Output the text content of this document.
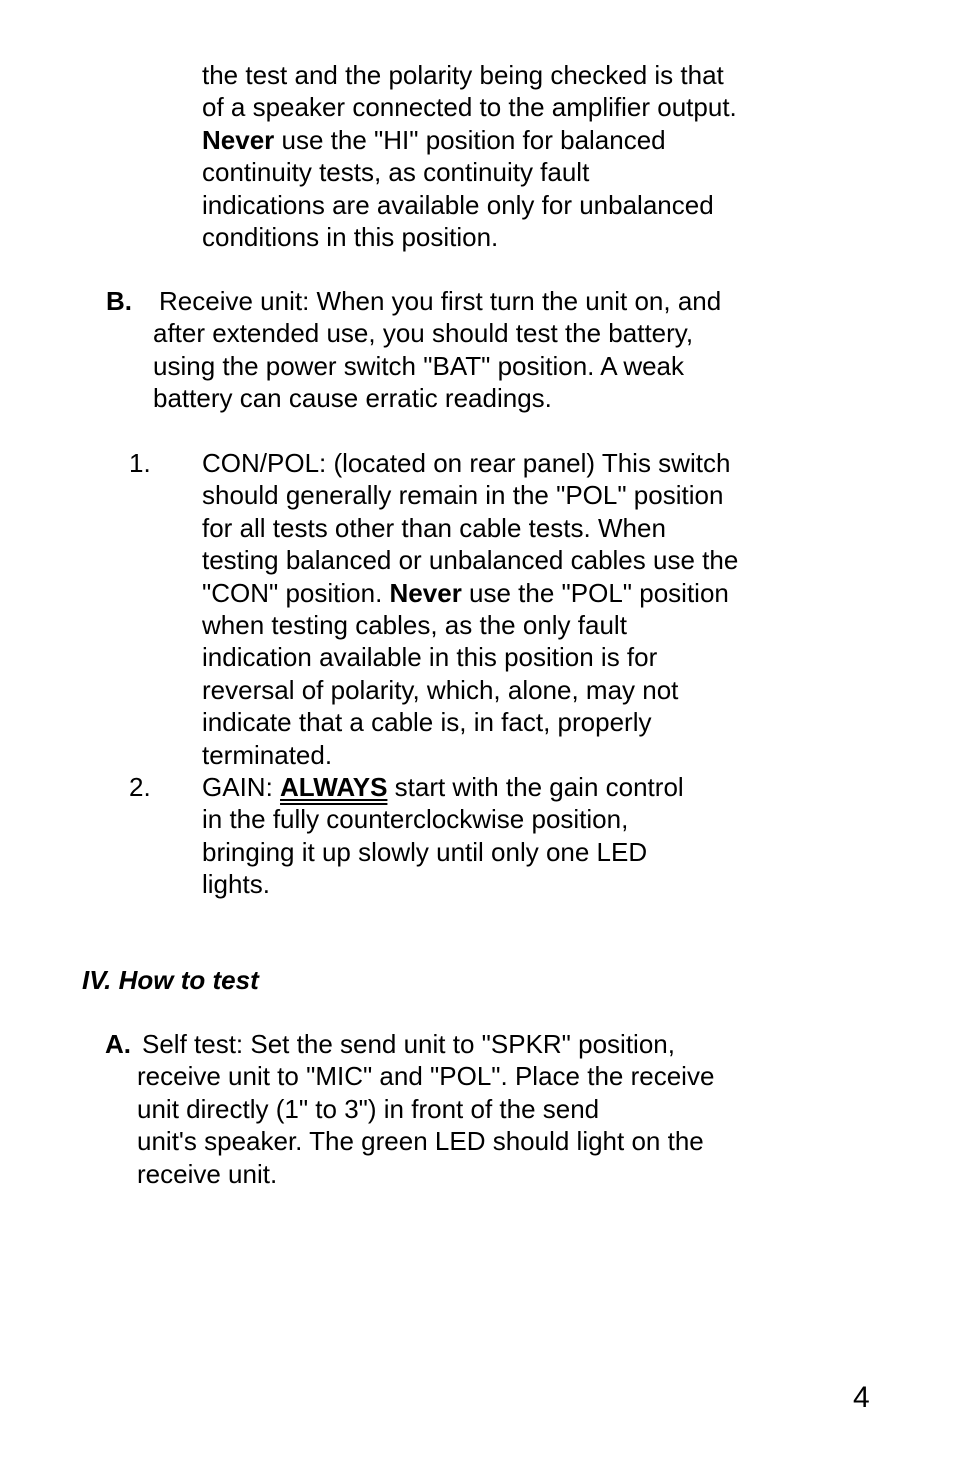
the test and the polarity being checked is that
of a speaker connected to the amplifier output.
Never use the "HI" position for balanced
continuity tests, as continuity fault
indications are available only for unbalanced
conditions in this position.
B. Receive unit: When you first turn the unit on, and
after extended use, you should test the battery,
using the power switch "BAT" position. A weak
battery can cause erratic readings.
1. CON/POL: (located on rear panel) This switch
should generally remain in the "POL" position
for all tests other than cable tests. When
testing balanced or unbalanced cables use the
"CON" position. Never use the "POL" position
when testing cables, as the only fault
indication available in this position is for
reversal of polarity, which, alone, may not
indicate that a cable is, in fact, properly
terminated.
2. GAIN: ALWAYS start with the gain control
in the fully counterclockwise position,
bringing it up slowly until only one LED
lights.
IV. How to test
A. Self test: Set the send unit to "SPKR" position,
receive unit to "MIC" and "POL". Place the receive
unit directly (1" to 3") in front of the send
unit's speaker. The green LED should light on the
receive unit.
4
